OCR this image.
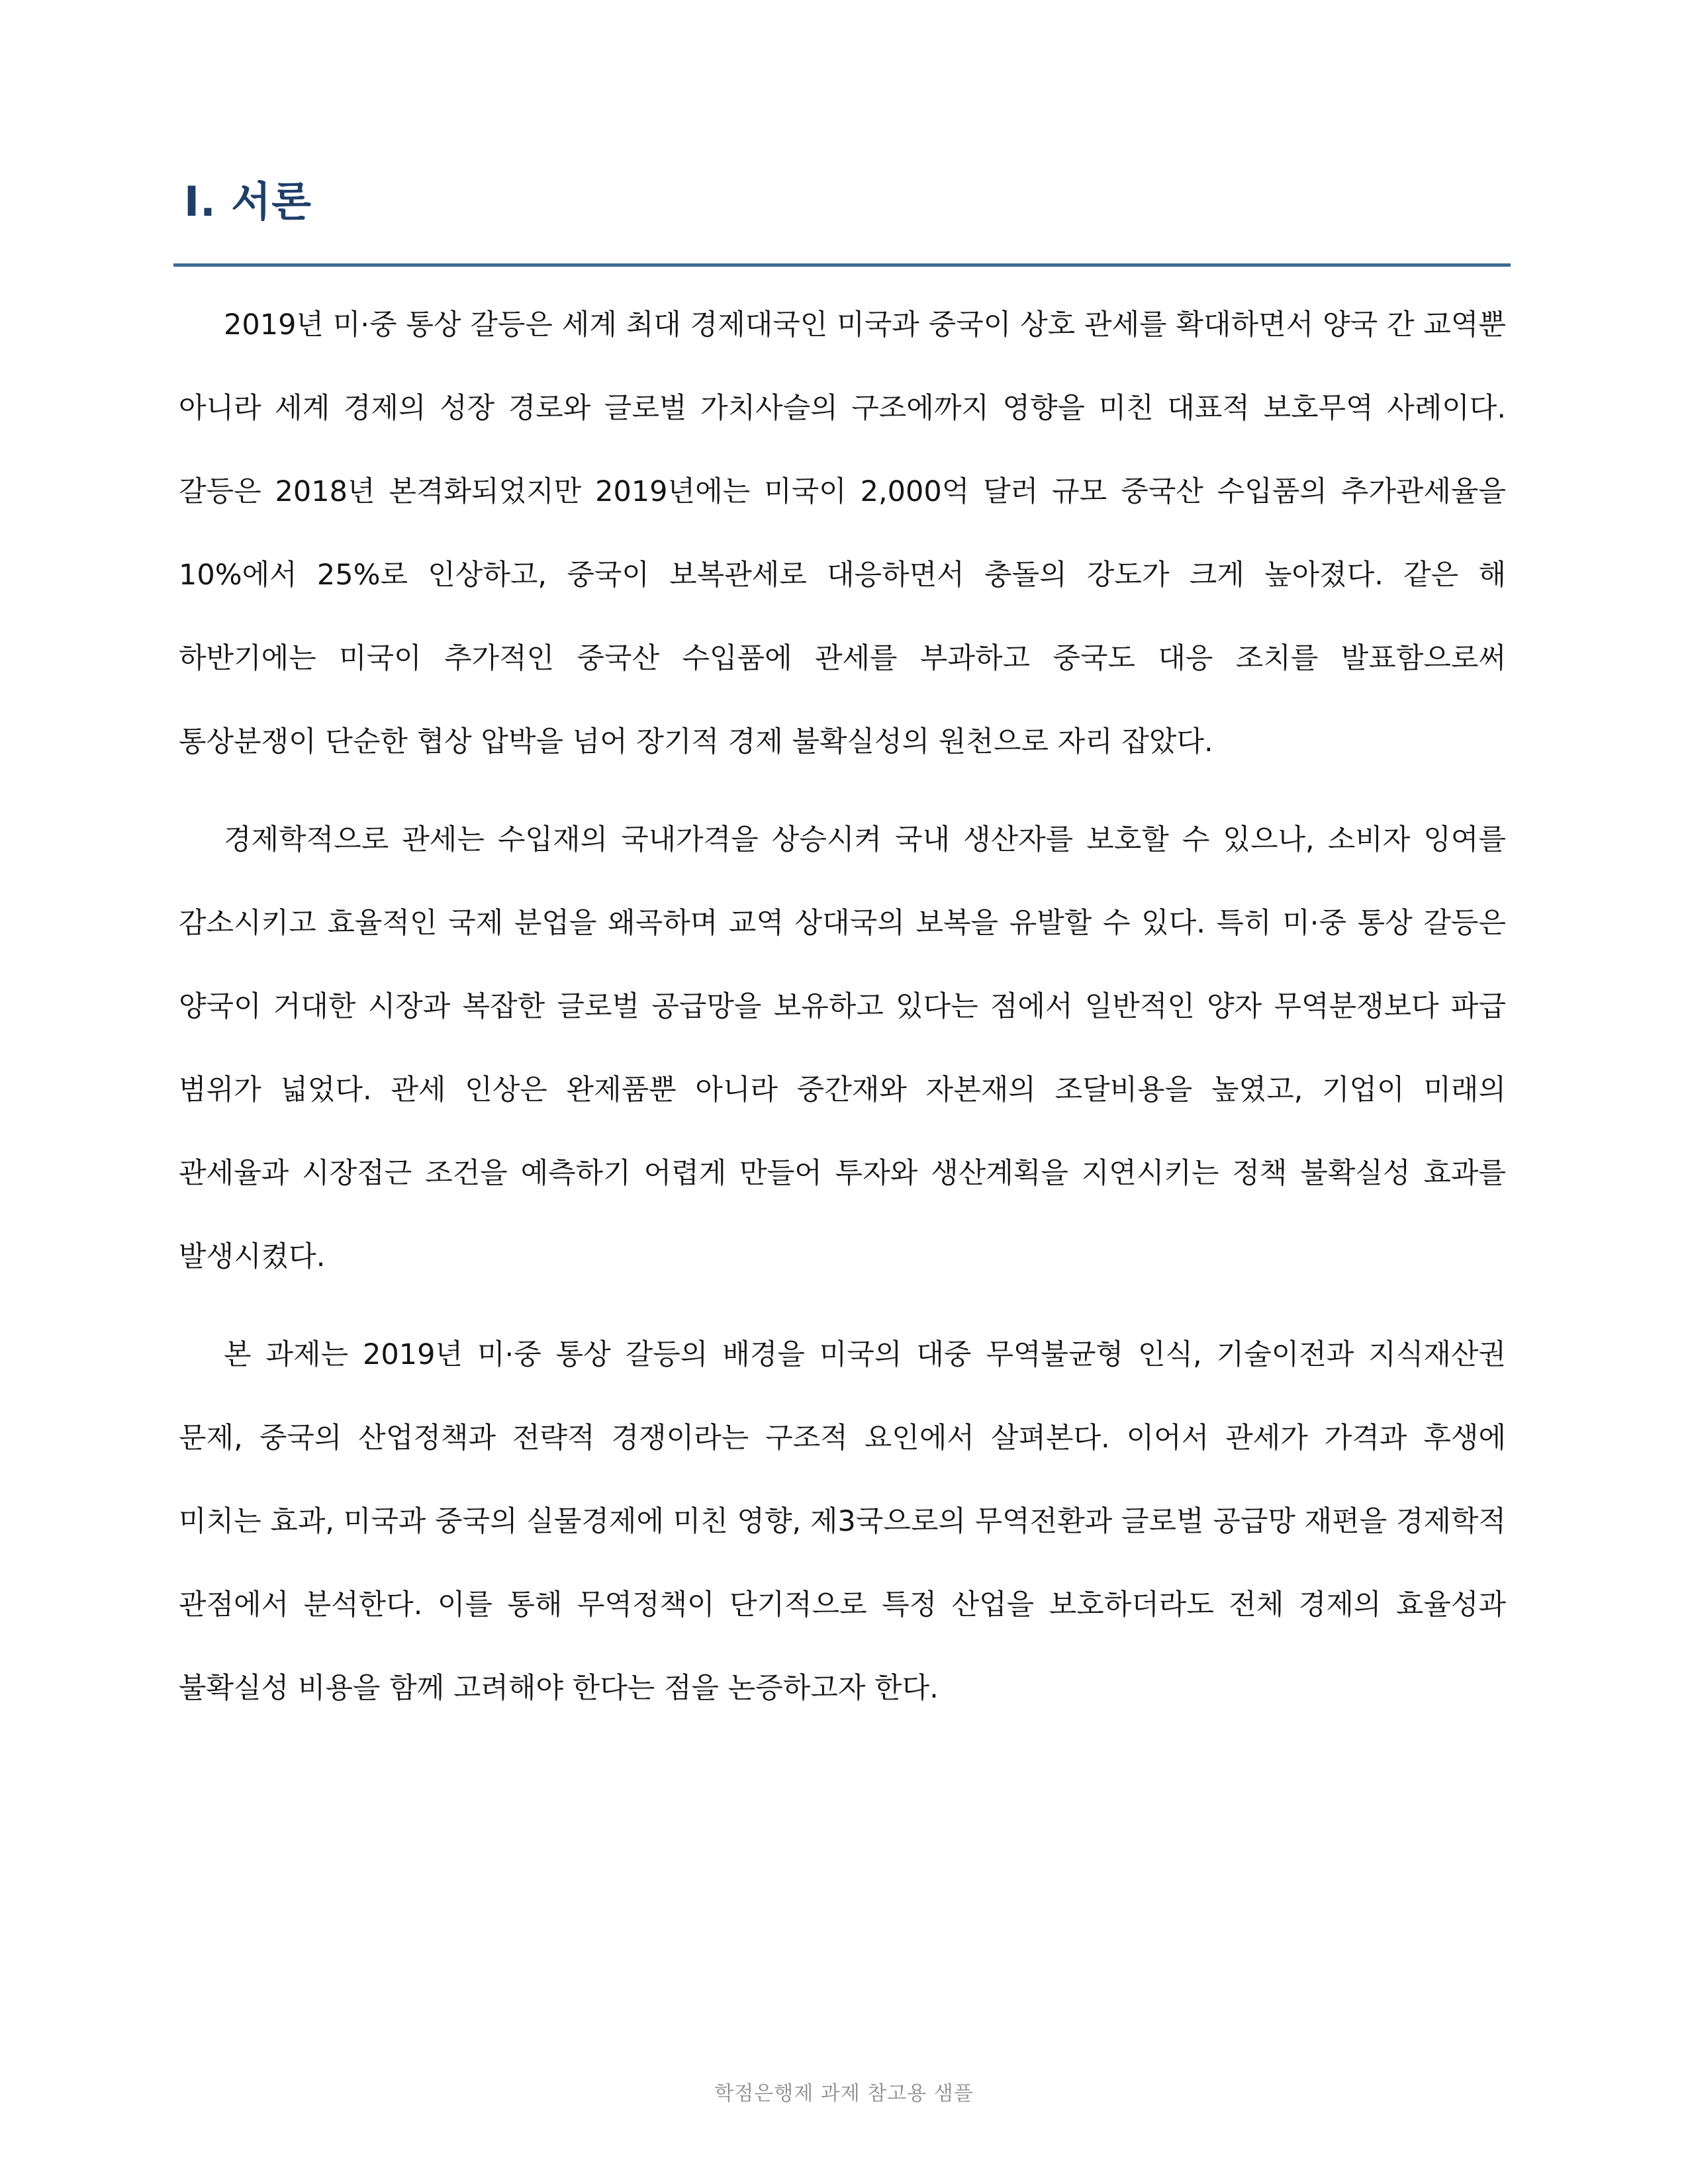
Ⅰ. 서론

2019년 미·중 통상 갈등은 세계 최대 경제대국인 미국과 중국이 상호 관세를 확대하면서 양국 간 교역뿐 아니라 세계 경제의 성장 경로와 글로벌 가치사슬의 구조에까지 영향을 미친 대표적 보호무역 사례이다. 갈등은 2018년 본격화되었지만 2019년에는 미국이 2,000억 달러 규모 중국산 수입품의 추가관세율을 10%에서 25%로 인상하고, 중국이 보복관세로 대응하면서 충돌의 강도가 크게 높아졌다. 같은 해 하반기에는 미국이 추가적인 중국산 수입품에 관세를 부과하고 중국도 대응 조치를 발표함으로써 통상분쟁이 단순한 협상 압박을 넘어 장기적 경제 불확실성의 원천으로 자리 잡았다.

경제학적으로 관세는 수입재의 국내가격을 상승시켜 국내 생산자를 보호할 수 있으나, 소비자 잉여를 감소시키고 효율적인 국제 분업을 왜곡하며 교역 상대국의 보복을 유발할 수 있다. 특히 미·중 통상 갈등은 양국이 거대한 시장과 복잡한 글로벌 공급망을 보유하고 있다는 점에서 일반적인 양자 무역분쟁보다 파급 범위가 넓었다. 관세 인상은 완제품뿐 아니라 중간재와 자본재의 조달비용을 높였고, 기업이 미래의 관세율과 시장접근 조건을 예측하기 어렵게 만들어 투자와 생산계획을 지연시키는 정책 불확실성 효과를 발생시켰다.

본 과제는 2019년 미·중 통상 갈등의 배경을 미국의 대중 무역불균형 인식, 기술이전과 지식재산권 문제, 중국의 산업정책과 전략적 경쟁이라는 구조적 요인에서 살펴본다. 이어서 관세가 가격과 후생에 미치는 효과, 미국과 중국의 실물경제에 미친 영향, 제3국으로의 무역전환과 글로벌 공급망 재편을 경제학적 관점에서 분석한다. 이를 통해 무역정책이 단기적으로 특정 산업을 보호하더라도 전체 경제의 효율성과 불확실성 비용을 함께 고려해야 한다는 점을 논증하고자 한다.

학점은행제 과제 참고용 샘플
